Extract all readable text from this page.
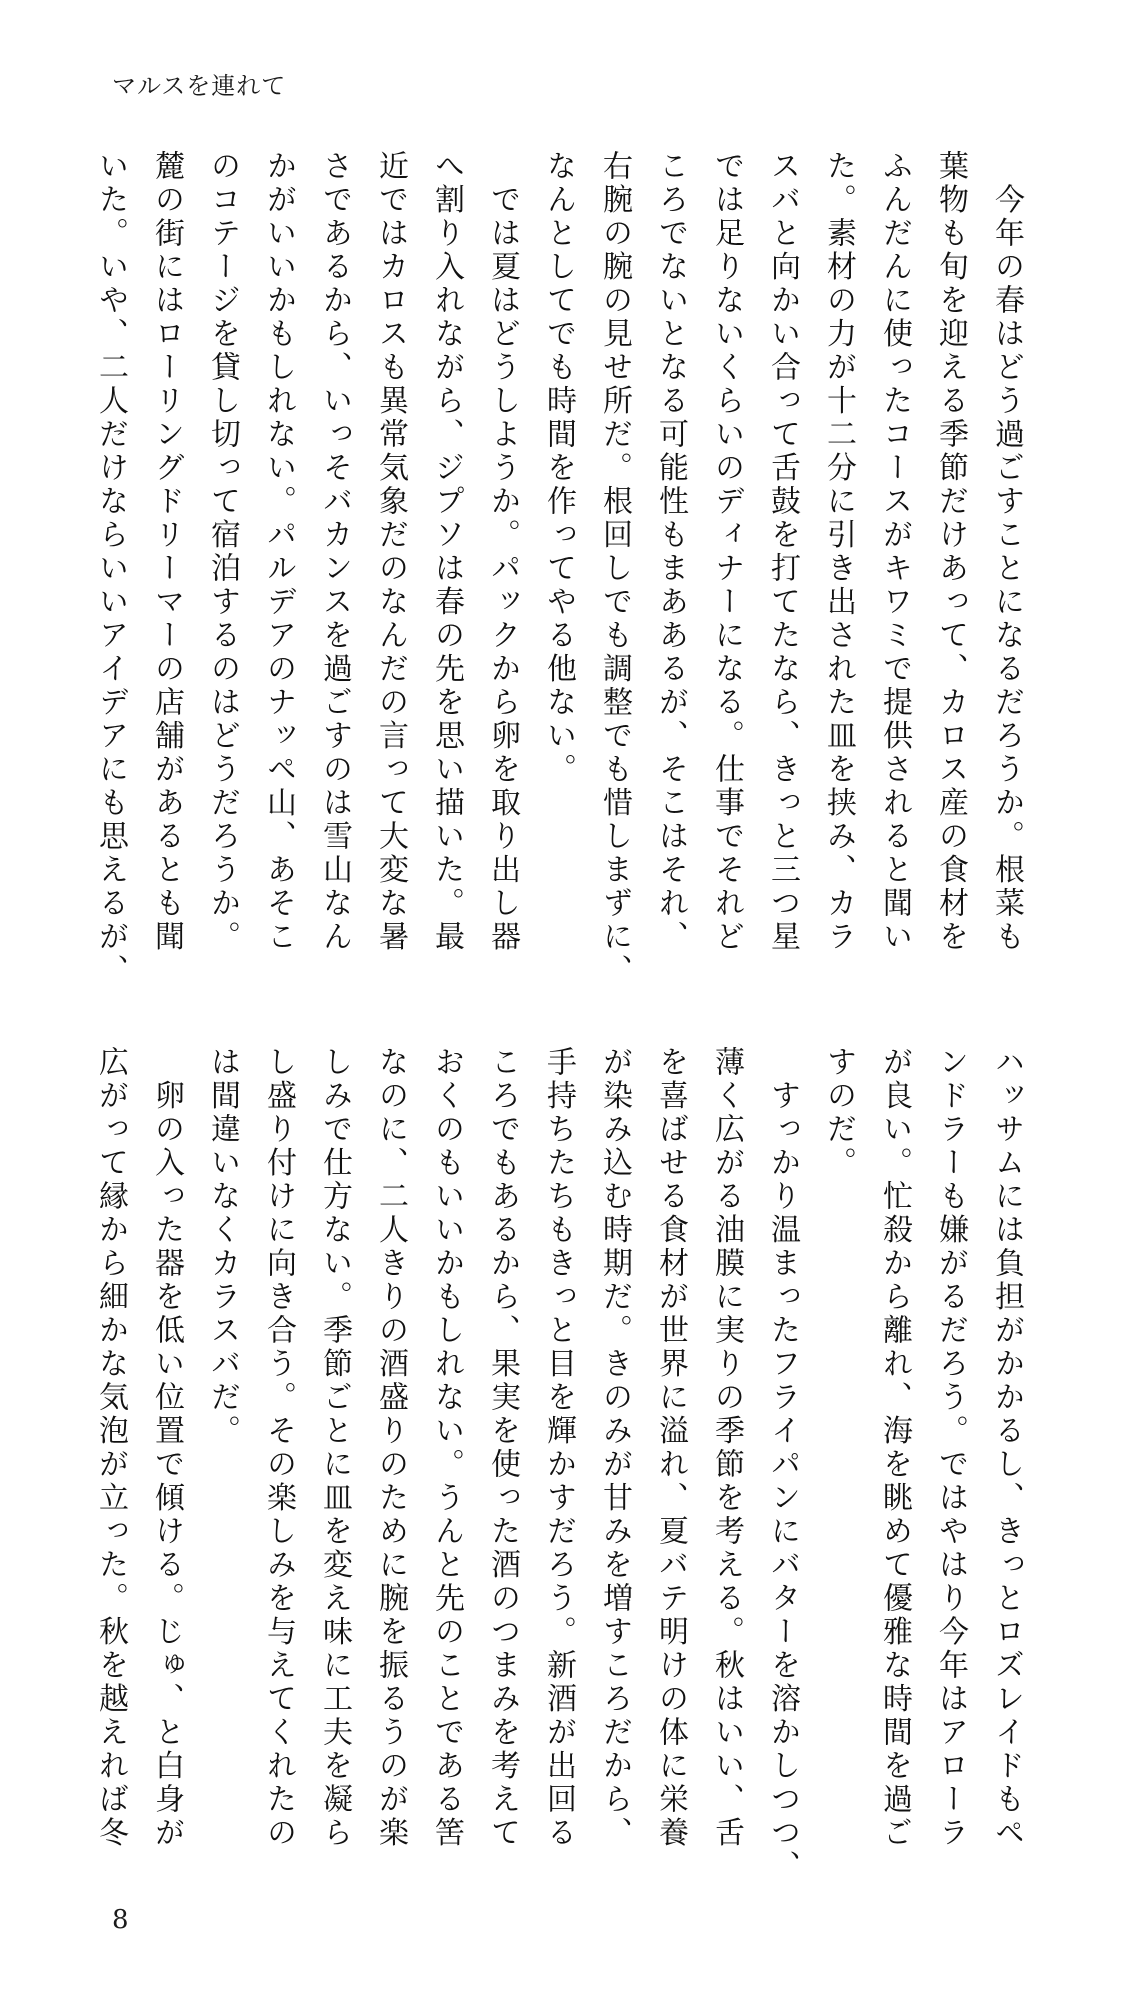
マルスを連れて
　今年の春はどう過ごすことになるだろうか。根菜も
葉物も旬を迎える季節だけあって、カロス産の食材を
ふんだんに使ったコースがキワミで提供されると聞い
た。素材の力が十二分に引き出された皿を挟み、カラ
スバと向かい合って舌鼓を打てたなら、きっと三つ星
では足りないくらいのディナーになる。仕事でそれど
ころでないとなる可能性もまああるが、そこはそれ、
右腕の腕の見せ所だ。根回しでも調整でも惜しまずに、
なんとしてでも時間を作ってやる他ない。
　では夏はどうしようか。パックから卵を取り出し器
へ割り入れながら、ジプソは春の先を思い描いた。最
近ではカロスも異常気象だのなんだの言って大変な暑
さであるから、いっそバカンスを過ごすのは雪山なん
かがいいかもしれない。パルデアのナッペ山、あそこ
のコテージを貸し切って宿泊するのはどうだろうか。
麓の街にはローリングドリーマーの店舗があるとも聞
いた。いや、二人だけならいいアイデアにも思えるが、
ハッサムには負担がかかるし、きっとロズレイドもペ
ンドラーも嫌がるだろう。ではやはり今年はアローラ
が良い。忙殺から離れ、海を眺めて優雅な時間を過ご
すのだ。
　すっかり温まったフライパンにバターを溶かしつつ、
薄く広がる油膜に実りの季節を考える。秋はいい、舌
を喜ばせる食材が世界に溢れ、夏バテ明けの体に栄養
が染み込む時期だ。きのみが甘みを増すころだから、
手持ちたちもきっと目を輝かすだろう。新酒が出回る
ころでもあるから、果実を使った酒のつまみを考えて
おくのもいいかもしれない。うんと先のことである筈
なのに、二人きりの酒盛りのために腕を振るうのが楽
しみで仕方ない。季節ごとに皿を変え味に工夫を凝ら
し盛り付けに向き合う。その楽しみを与えてくれたの
は間違いなくカラスバだ。
　卵の入った器を低い位置で傾ける。じゅ、と白身が
広がって縁から細かな気泡が立った。秋を越えれば冬
8
